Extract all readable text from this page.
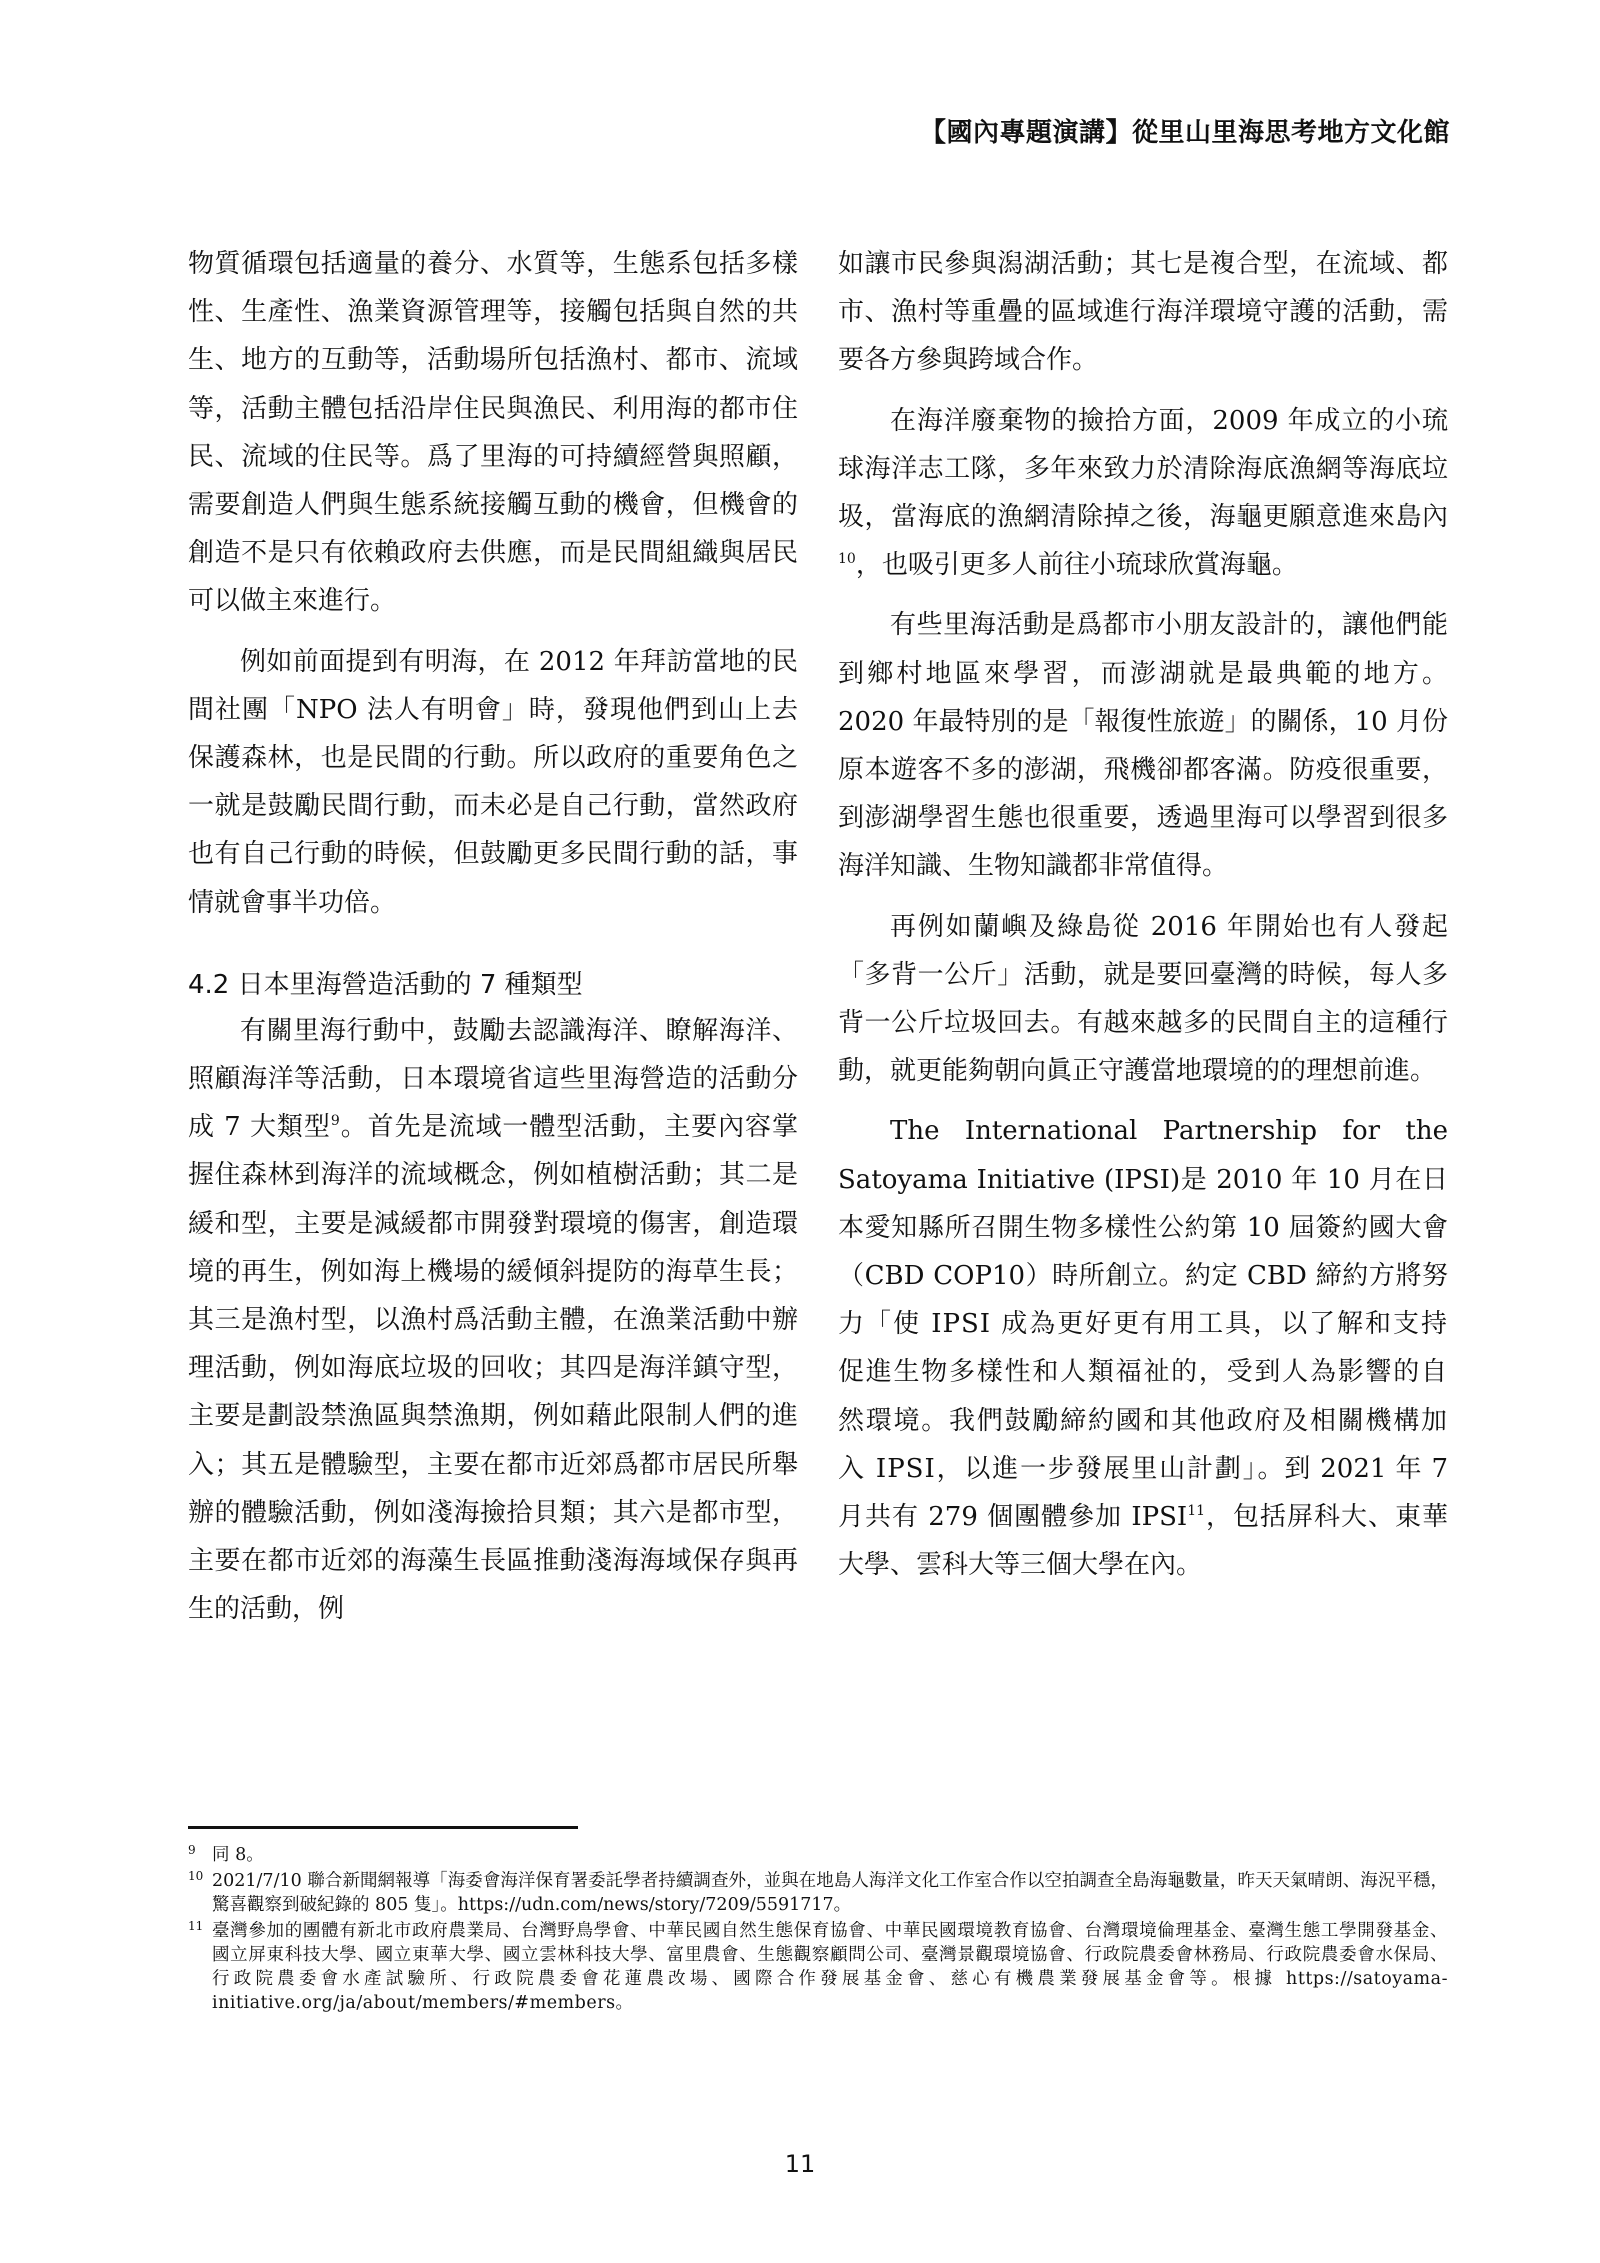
【國內專題演講】從里山里海思考地方文化館

物質循環包括適量的養分、水質等，生態系包括多樣性、生產性、漁業資源管理等，接觸包括與自然的共生、地方的互動等，活動場所包括漁村、都市、流域等，活動主體包括沿岸住民與漁民、利用海的都市住民、流域的住民等。爲了里海的可持續經營與照顧，需要創造人們與生態系統接觸互動的機會，但機會的創造不是只有依賴政府去供應，而是民間組織與居民可以做主來進行。

例如前面提到有明海，在 2012 年拜訪當地的民間社團「NPO 法人有明會」時，發現他們到山上去保護森林，也是民間的行動。所以政府的重要角色之一就是鼓勵民間行動，而未必是自己行動，當然政府也有自己行動的時候，但鼓勵更多民間行動的話，事情就會事半功倍。

4.2 日本里海營造活動的 7 種類型

有關里海行動中，鼓勵去認識海洋、瞭解海洋、照顧海洋等活動，日本環境省這些里海營造的活動分成 7 大類型$^9$。首先是流域一體型活動，主要內容掌握住森林到海洋的流域概念，例如植樹活動；其二是緩和型，主要是減緩都市開發對環境的傷害，創造環境的再生，例如海上機場的緩傾斜提防的海草生長；其三是漁村型，以漁村爲活動主體，在漁業活動中辦理活動，例如海底垃圾的回收；其四是海洋鎮守型，主要是劃設禁漁區與禁漁期，例如藉此限制人們的進入；其五是體驗型，主要在都市近郊爲都市居民所舉辦的體驗活動，例如淺海撿拾貝類；其六是都市型，主要在都市近郊的海藻生長區推動淺海海域保存與再生的活動，例

如讓市民參與潟湖活動；其七是複合型，在流域、都市、漁村等重疊的區域進行海洋環境守護的活動，需要各方參與跨域合作。

在海洋廢棄物的撿拾方面，2009 年成立的小琉球海洋志工隊，多年來致力於清除海底漁網等海底垃圾，當海底的漁網清除掉之後，海龜更願意進來島內$^{10}$，也吸引更多人前往小琉球欣賞海龜。

有些里海活動是爲都市小朋友設計的，讓他們能到鄉村地區來學習，而澎湖就是最典範的地方。2020 年最特別的是「報復性旅遊」的關係，10 月份原本遊客不多的澎湖，飛機卻都客滿。防疫很重要，到澎湖學習生態也很重要，透過里海可以學習到很多海洋知識、生物知識都非常值得。

再例如蘭嶼及綠島從 2016 年開始也有人發起「多背一公斤」活動，就是要回臺灣的時候，每人多背一公斤垃圾回去。有越來越多的民間自主的這種行動，就更能夠朝向眞正守護當地環境的的理想前進。

The International Partnership for the Satoyama Initiative (IPSI)是 2010 年 10 月在日本愛知縣所召開生物多樣性公約第 10 屆簽約國大會（CBD COP10）時所創立。約定 CBD 締約方將努力「使 IPSI 成為更好更有用工具，以了解和支持促進生物多樣性和人類福祉的，受到人為影響的自然環境。我們鼓勵締約國和其他政府及相關機構加入 IPSI，以進一步發展里山計劃」。到 2021 年 7 月共有 279 個團體參加 IPSI$^{11}$，包括屏科大、東華大學、雲科大等三個大學在內。

9 同 8。
10 2021/7/10 聯合新聞網報導「海委會海洋保育署委託學者持續調查外，並與在地島人海洋文化工作室合作以空拍調查全島海龜數量，昨天天氣晴朗、海況平穩，驚喜觀察到破紀錄的 805 隻」。https://udn.com/news/story/7209/5591717。
11 臺灣參加的團體有新北市政府農業局、台灣野鳥學會、中華民國自然生態保育協會、中華民國環境教育協會、台灣環境倫理基金、臺灣生態工學開發基金、國立屏東科技大學、國立東華大學、國立雲林科技大學、富里農會、生態觀察顧問公司、臺灣景觀環境協會、行政院農委會林務局、行政院農委會水保局、行政院農委會水產試驗所、行政院農委會花蓮農改場、國際合作發展基金會、慈心有機農業發展基金會等。根據 https://satoyama-initiative.org/ja/about/members/#members。
11
